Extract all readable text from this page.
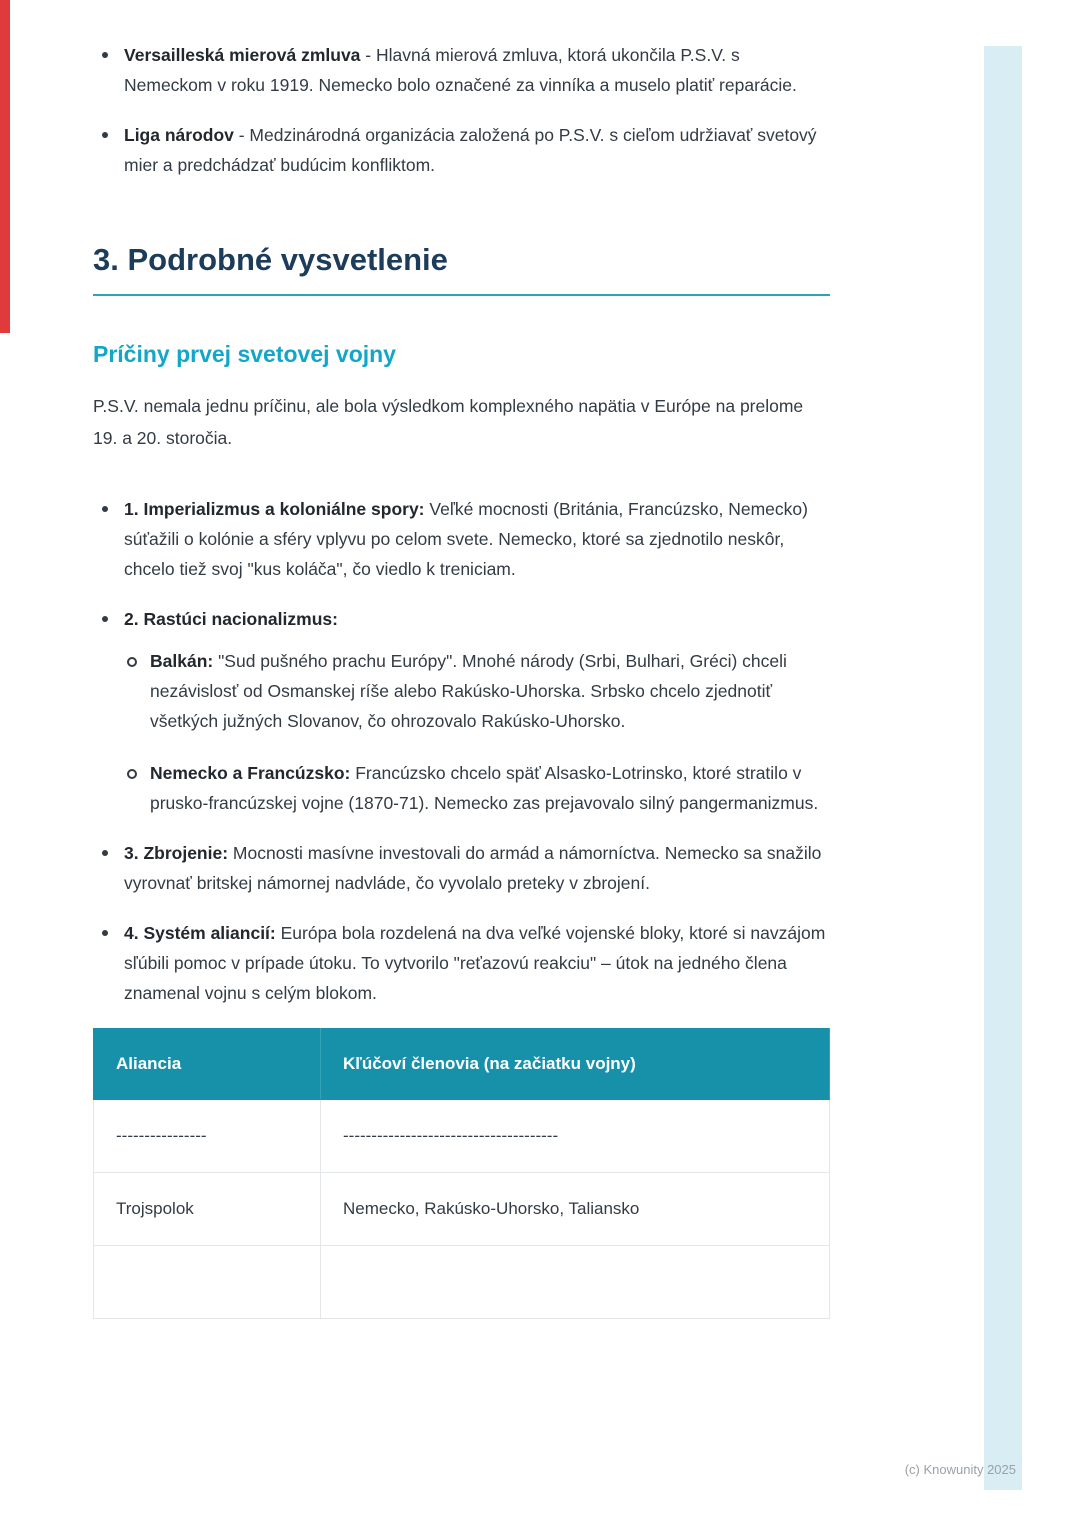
Versailleská mierová zmluva - Hlavná mierová zmluva, ktorá ukončila P.S.V. s Nemeckom v roku 1919. Nemecko bolo označené za vinníka a muselo platiť reparácie.
Liga národov - Medzinárodná organizácia založená po P.S.V. s cieľom udržiavať svetový mier a predchádzať budúcim konfliktom.
3. Podrobné vysvetlenie
Príčiny prvej svetovej vojny

P.S.V. nemala jednu príčinu, ale bola výsledkom komplexného napätia v Európe na prelome 19. a 20. storočia.

1. Imperializmus a koloniálne spory: Veľké mocnosti (Británia, Francúzsko, Nemecko) súťažili o kolónie a sféry vplyvu po celom svete. Nemecko, ktoré sa zjednotilo neskôr, chcelo tiež svoj "kus koláča", čo viedlo k treniciam.
2. Rastúci nacionalizmus:
Balkán: "Sud pušného prachu Európy". Mnohé národy (Srbi, Bulhari, Gréci) chceli nezávislosť od Osmanskej ríše alebo Rakúsko-Uhorska. Srbsko chcelo zjednotiť všetkých južných Slovanov, čo ohrozovalo Rakúsko-Uhorsko.
Nemecko a Francúzsko: Francúzsko chcelo späť Alsasko-Lotrinsko, ktoré stratilo v prusko-francúzskej vojne (1870-71). Nemecko zas prejavovalo silný pangermanizmus.
3. Zbrojenie: Mocnosti masívne investovali do armád a námorníctva. Nemecko sa snažilo vyrovnať britskej námornej nadvláde, čo vyvolalo preteky v zbrojení.
4. Systém aliancií: Európa bola rozdelená na dva veľké vojenské bloky, ktoré si navzájom sľúbili pomoc v prípade útoku. To vytvorilo "reťazovú reakciu" – útok na jedného člena znamenal vojnu s celým blokom.
Aliancia	Kľúčoví členovia (na začiatku vojny)
----------------	--------------------------------------
Trojspolok	Nemecko, Rakúsko-Uhorsko, Taliansko

(c) Knowunity 2025
